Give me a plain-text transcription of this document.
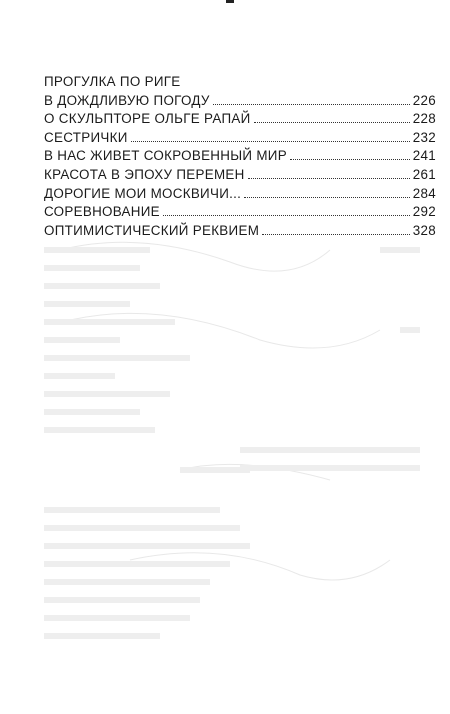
ПРОГУЛКА ПО РИГЕ
В ДОЖДЛИВУЮ ПОГОДУ	226
О СКУЛЬПТОРЕ ОЛЬГЕ РАПАЙ	228
СЕСТРИЧКИ	232
В НАС ЖИВЕТ СОКРОВЕННЫЙ МИР	241
КРАСОТА В ЭПОХУ ПЕРЕМЕН	261
ДОРОГИЕ МОИ МОСКВИЧИ...	284
СОРЕВНОВАНИЕ	292
ОПТИМИСТИЧЕСКИЙ РЕКВИЕМ	328
